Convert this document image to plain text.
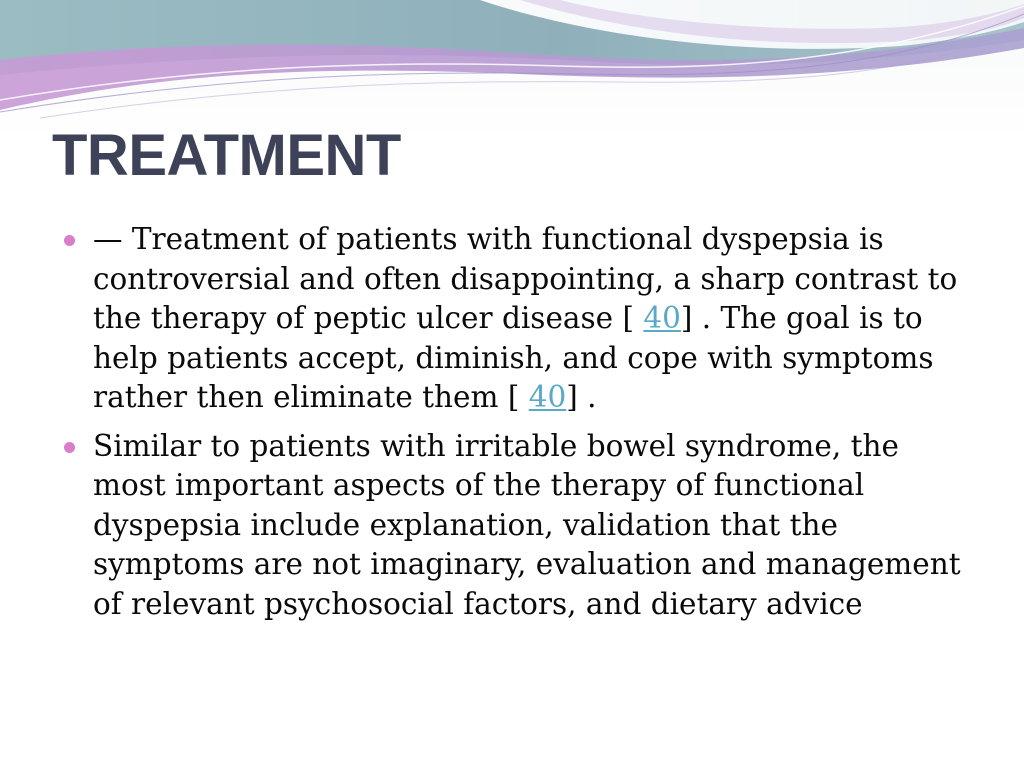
TREATMENT
— Treatment of patients with functional dyspepsia is controversial and often disappointing, a sharp contrast to the therapy of peptic ulcer disease [ 40] . The goal is to help patients accept, diminish, and cope with symptoms rather then eliminate them [ 40] .
Similar to patients with irritable bowel syndrome, the most important aspects of the therapy of functional dyspepsia include explanation, validation that the symptoms are not imaginary, evaluation and management of relevant psychosocial factors, and dietary advice
